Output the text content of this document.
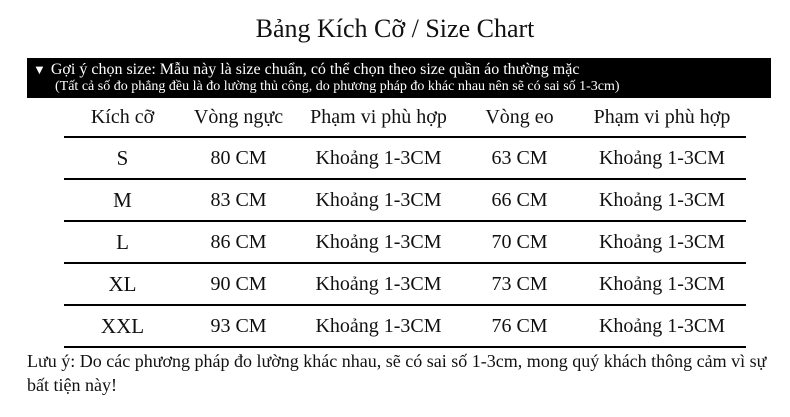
Bảng Kích Cỡ / Size Chart
▼ Gợi ý chọn size: Mẫu này là size chuẩn, có thể chọn theo size quần áo thường mặc
(Tất cả số đo phẳng đều là đo lường thủ công, do phương pháp đo khác nhau nên sẽ có sai số 1-3cm)
Kích cỡ	Vòng ngực	Phạm vi phù hợp	Vòng eo	Phạm vi phù hợp
S	80 CM	Khoảng 1-3CM	63 CM	Khoảng 1-3CM
M	83 CM	Khoảng 1-3CM	66 CM	Khoảng 1-3CM
L	86 CM	Khoảng 1-3CM	70 CM	Khoảng 1-3CM
XL	90 CM	Khoảng 1-3CM	73 CM	Khoảng 1-3CM
XXL	93 CM	Khoảng 1-3CM	76 CM	Khoảng 1-3CM
Lưu ý: Do các phương pháp đo lường khác nhau, sẽ có sai số 1-3cm, mong quý khách thông cảm vì sự bất tiện này!
